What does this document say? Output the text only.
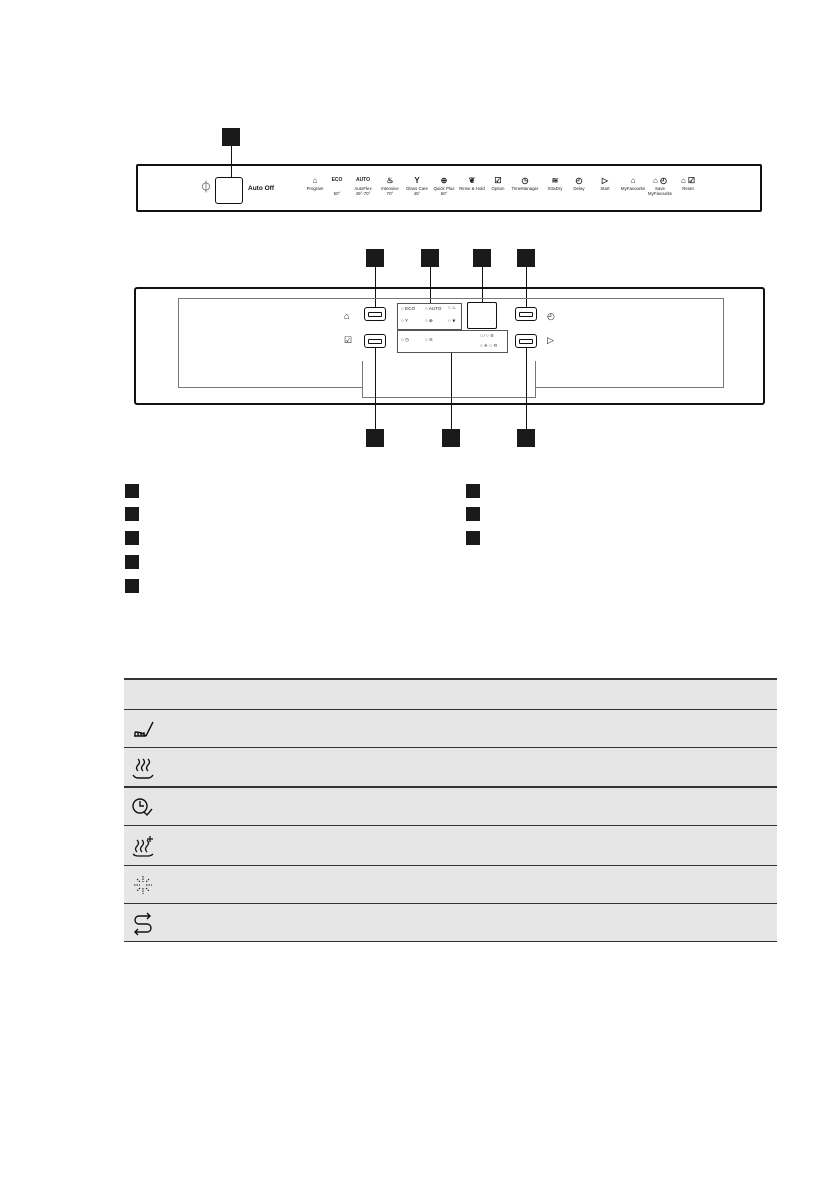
⏀	Auto Off
⌂
Program
ECO

50°
AUTO
AutoFlex
45°-70°
♨
Intensive
70°
Y
Glass Care
45°
⊕
Quick Plus
60°
❦
Rinse & Hold
☑
Option
◷
TimeManager
≋
XtraDry
◴
Delay
▷
Start
⌂
MyFavourite
⌂ ◴
Save
MyFavourite
⌂ ☑
Reset
⌂
☑
○ ECO ○ AUTO ○ ♨
○ Y	○ ⊕	○ ❦
○ ◷	○ ≋
○ ⁄ ○ ≋
○ ✳ ○ ⟲
◴
▷
